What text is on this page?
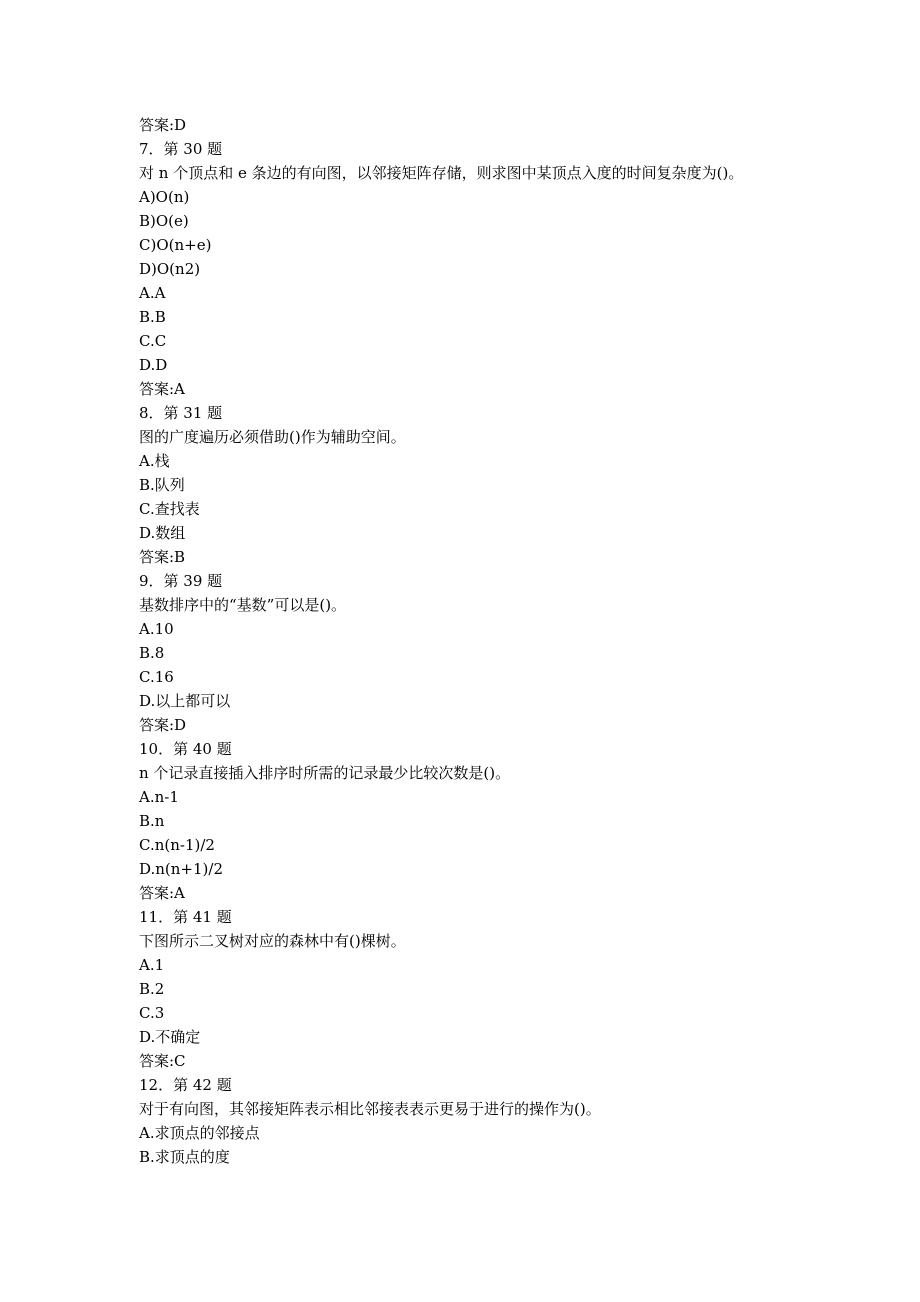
答案:D
7．第 30 题
对 n 个顶点和 e 条边的有向图，以邻接矩阵存储，则求图中某顶点入度的时间复杂度为()。
A)O(n)
B)O(e)
C)O(n+e)
D)O(n2)
A.A
B.B
C.C
D.D
答案:A
8．第 31 题
图的广度遍历必须借助()作为辅助空间。
A.栈
B.队列
C.查找表
D.数组
答案:B
9．第 39 题
基数排序中的“基数”可以是()。
A.10
B.8
C.16
D.以上都可以
答案:D
10．第 40 题
n 个记录直接插入排序时所需的记录最少比较次数是()。
A.n-1
B.n
C.n(n-1)/2
D.n(n+1)/2
答案:A
11．第 41 题
下图所示二叉树对应的森林中有()棵树。
A.1
B.2
C.3
D.不确定
答案:C
12．第 42 题
对于有向图，其邻接矩阵表示相比邻接表表示更易于进行的操作为()。
A.求顶点的邻接点
B.求顶点的度
